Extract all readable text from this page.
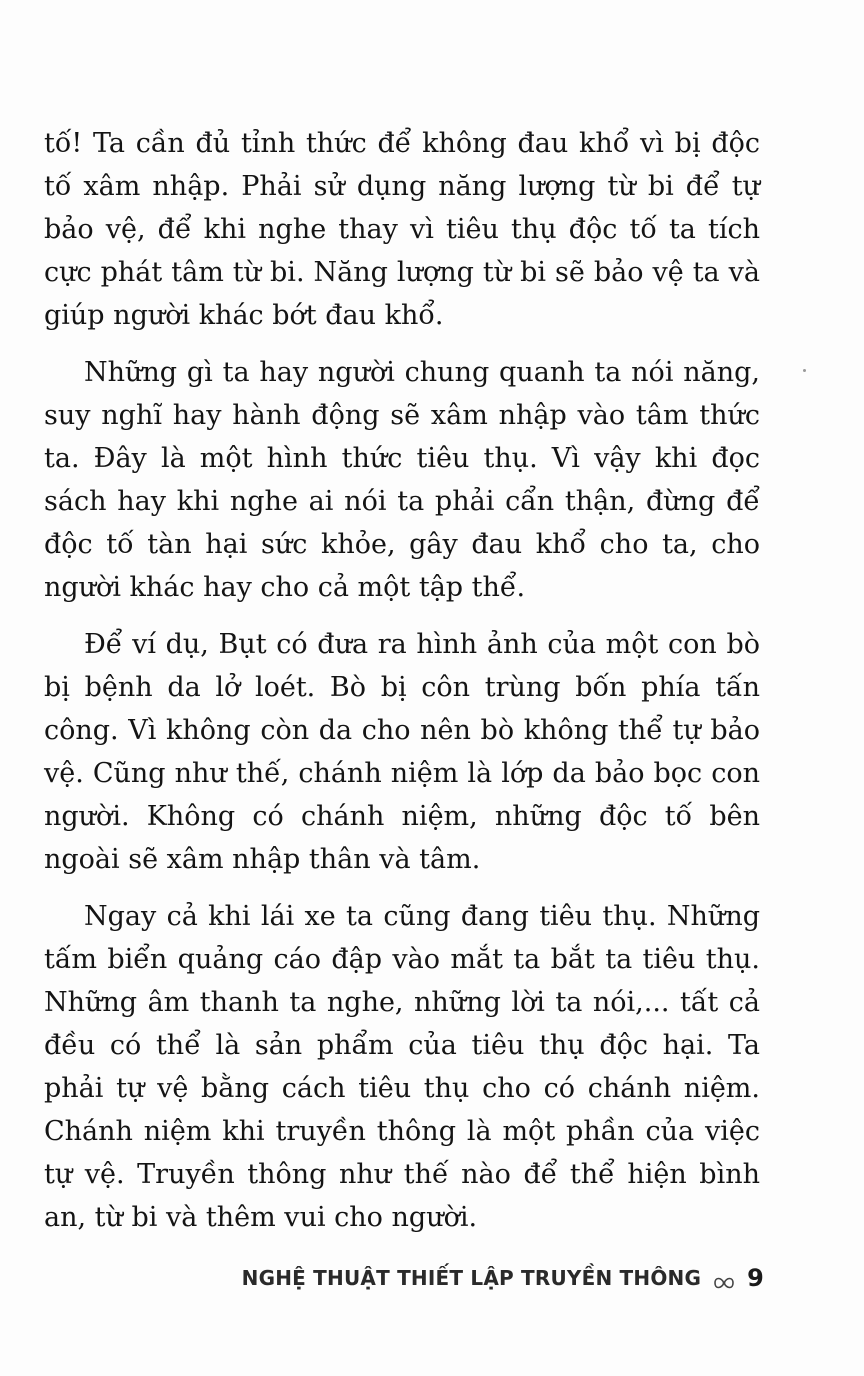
tố! Ta cần đủ tỉnh thức để không đau khổ vì bị độc tố xâm nhập. Phải sử dụng năng lượng từ bi để tự bảo vệ, để khi nghe thay vì tiêu thụ độc tố ta tích cực phát tâm từ bi. Năng lượng từ bi sẽ bảo vệ ta và giúp người khác bớt đau khổ.

Những gì ta hay người chung quanh ta nói năng, suy nghĩ hay hành động sẽ xâm nhập vào tâm thức ta. Đây là một hình thức tiêu thụ. Vì vậy khi đọc sách hay khi nghe ai nói ta phải cẩn thận, đừng để độc tố tàn hại sức khỏe, gây đau khổ cho ta, cho người khác hay cho cả một tập thể.

Để ví dụ, Bụt có đưa ra hình ảnh của một con bò bị bệnh da lở loét. Bò bị côn trùng bốn phía tấn công. Vì không còn da cho nên bò không thể tự bảo vệ. Cũng như thế, chánh niệm là lớp da bảo bọc con người. Không có chánh niệm, những độc tố bên ngoài sẽ xâm nhập thân và tâm.

Ngay cả khi lái xe ta cũng đang tiêu thụ. Những tấm biển quảng cáo đập vào mắt ta bắt ta tiêu thụ. Những âm thanh ta nghe, những lời ta nói,... tất cả đều có thể là sản phẩm của tiêu thụ độc hại. Ta phải tự vệ bằng cách tiêu thụ cho có chánh niệm. Chánh niệm khi truyền thông là một phần của việc tự vệ. Truyền thông như thế nào để thể hiện bình an, từ bi và thêm vui cho người.

NGHỆ THUẬT THIẾT LẬP TRUYỀN THÔNG 9
